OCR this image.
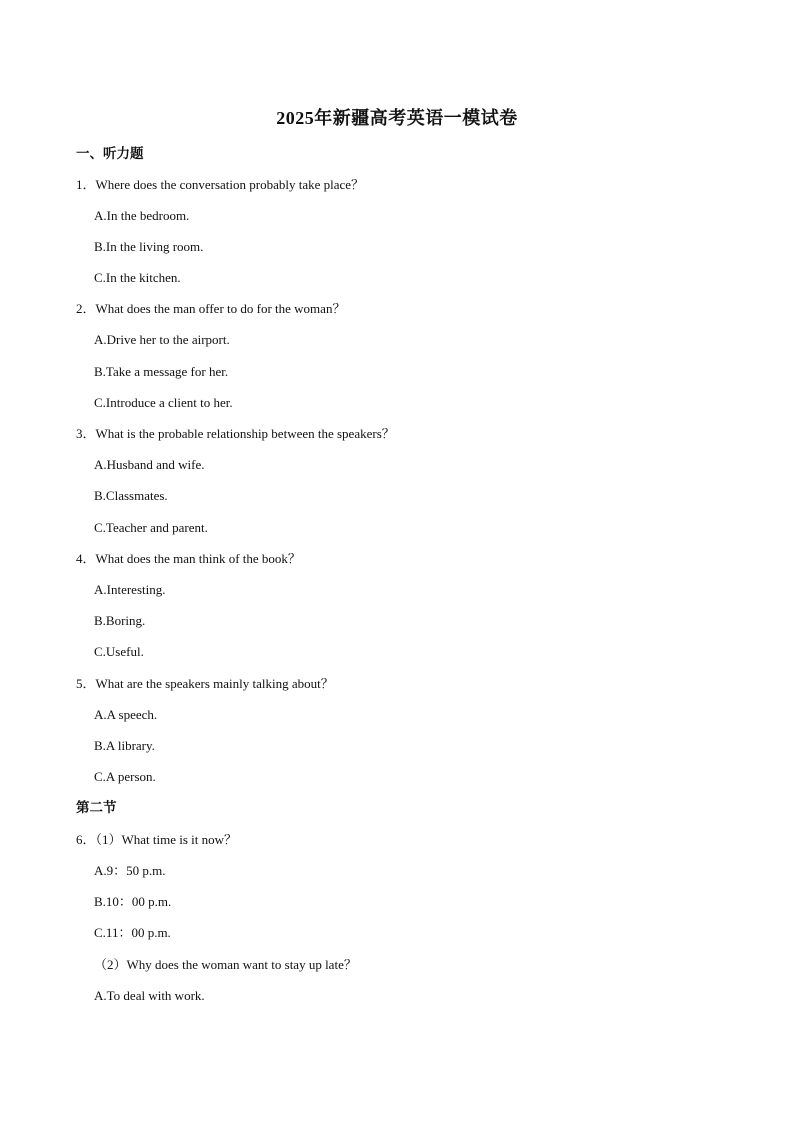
2025年新疆高考英语一模试卷
一、听力题
1．Where does the conversation probably take place？
A.In the bedroom.
B.In the living room.
C.In the kitchen.
2．What does the man offer to do for the woman？
A.Drive her to the airport.
B.Take a message for her.
C.Introduce a client to her.
3．What is the probable relationship between the speakers？
A.Husband and wife.
B.Classmates.
C.Teacher and parent.
4．What does the man think of the book？
A.Interesting.
B.Boring.
C.Useful.
5．What are the speakers mainly talking about？
A.A speech.
B.A library.
C.A person.
第二节
6．（1）What time is it now？
A.9：50 p.m.
B.10：00 p.m.
C.11：00 p.m.
（2）Why does the woman want to stay up late？
A.To deal with work.
